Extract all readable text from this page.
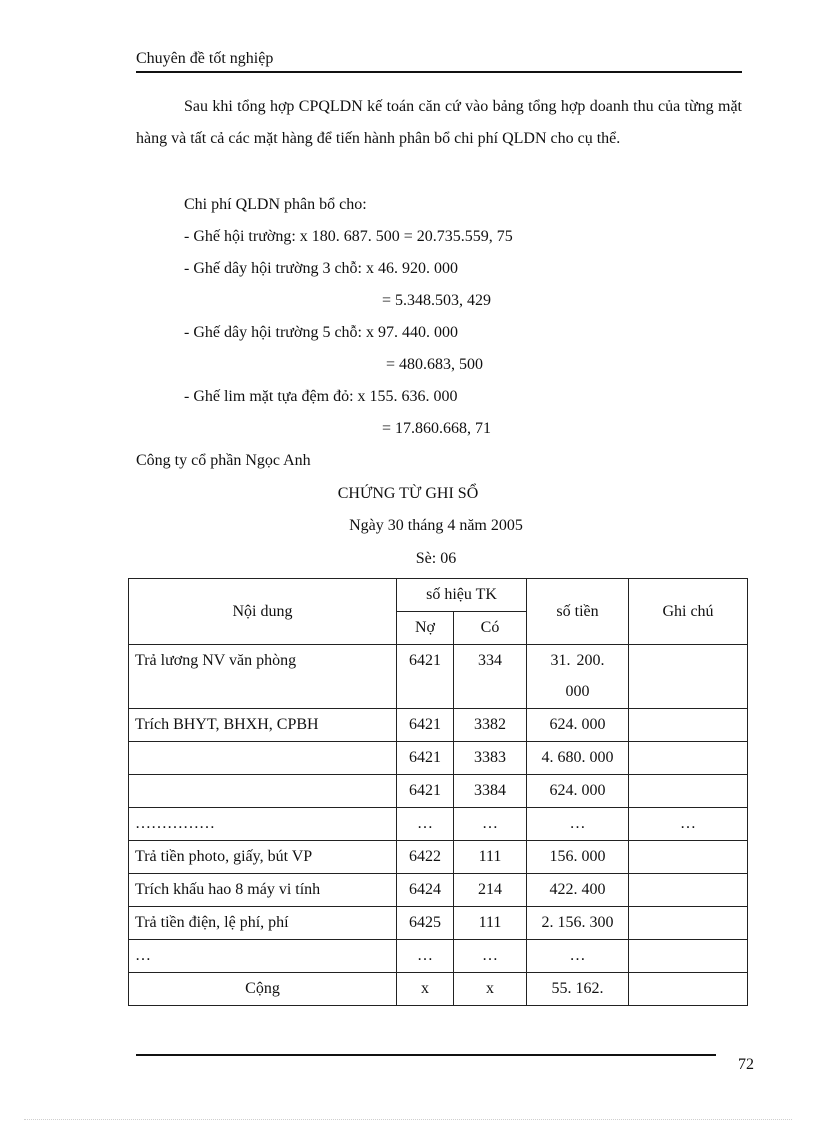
Chuyên đề tốt nghiệp
Sau khi tổng hợp CPQLDN kế toán căn cứ vào bảng tổng hợp doanh thu của từng mặt hàng và tất cả các mặt hàng để tiến hành phân bổ chi phí QLDN cho cụ thể.
Chi phí QLDN phân bổ cho:
- Ghế hội trường: x 180. 687. 500 = 20.735.559, 75
- Ghế dây hội trường 3 chỗ: x 46. 920. 000
= 5.348.503, 429
- Ghế dây hội trường 5 chỗ: x 97. 440. 000
= 480.683, 500
- Ghế lim mặt tựa đệm đỏ: x 155. 636. 000
= 17.860.668, 71
Công ty cổ phần Ngọc Anh
CHỨNG TỪ GHI SỔ
Ngày 30 tháng 4 năm 2005
Sè: 06
Nội dung	số hiệu TK		số tiền	Ghi chú
	Nợ	Có		
Trả lương NV văn phòng	6421	334	31. 200. 000	
Trích BHYT, BHXH, CPBH	6421	3382	624. 000	
	6421	3383	4. 680. 000	
	6421	3384	624. 000	
……………	…	…	…	…
Trả tiền photo, giấy, bút VP	6422	111	156. 000	
Trích khấu hao 8 máy vi tính	6424	214	422. 400	
Trả tiền điện, lệ phí, phí	6425	111	2. 156. 300	
…	…	…	…	
Cộng	x	x	55. 162.	
72
